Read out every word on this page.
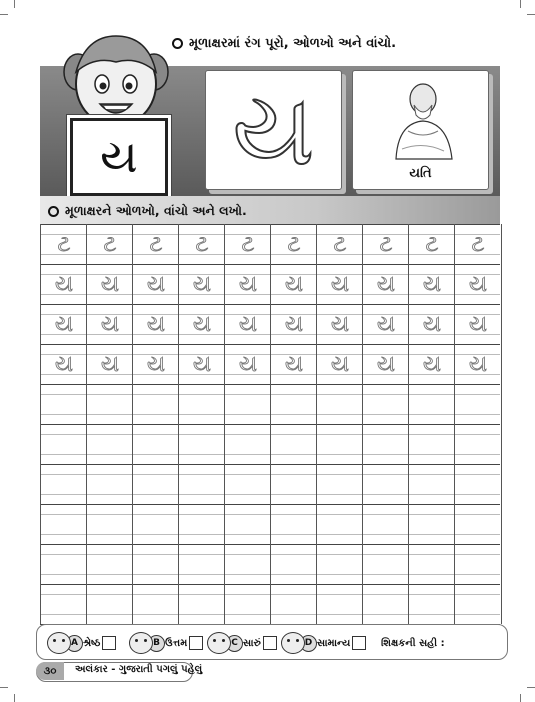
ય
મૂળાક્ષરમાં રંગ પૂરો, ઓળખો અને વાંચો.
ય	યતિ
મૂળાક્ષરને ઓળખો, વાંચો અને લખો.
ટ	ટ	ટ	ટ	ટ	ટ	ટ	ટ	ટ	ટ
ય	ય	ય	ય	ય	ય	ય	ય	ય	ય
ય	ય	ય	ય	ય	ય	ય	ય	ય	ય
ય	ય	ય	ય	ય	ય	ય	ય	ય	ય
A શ્રેષ્ઠ	B ઉત્તમ	C સારું	D સામાન્ય	શિક્ષકની સહી :
૩૦	અલંકાર - ગુજરાતી પગલું પહેલું
